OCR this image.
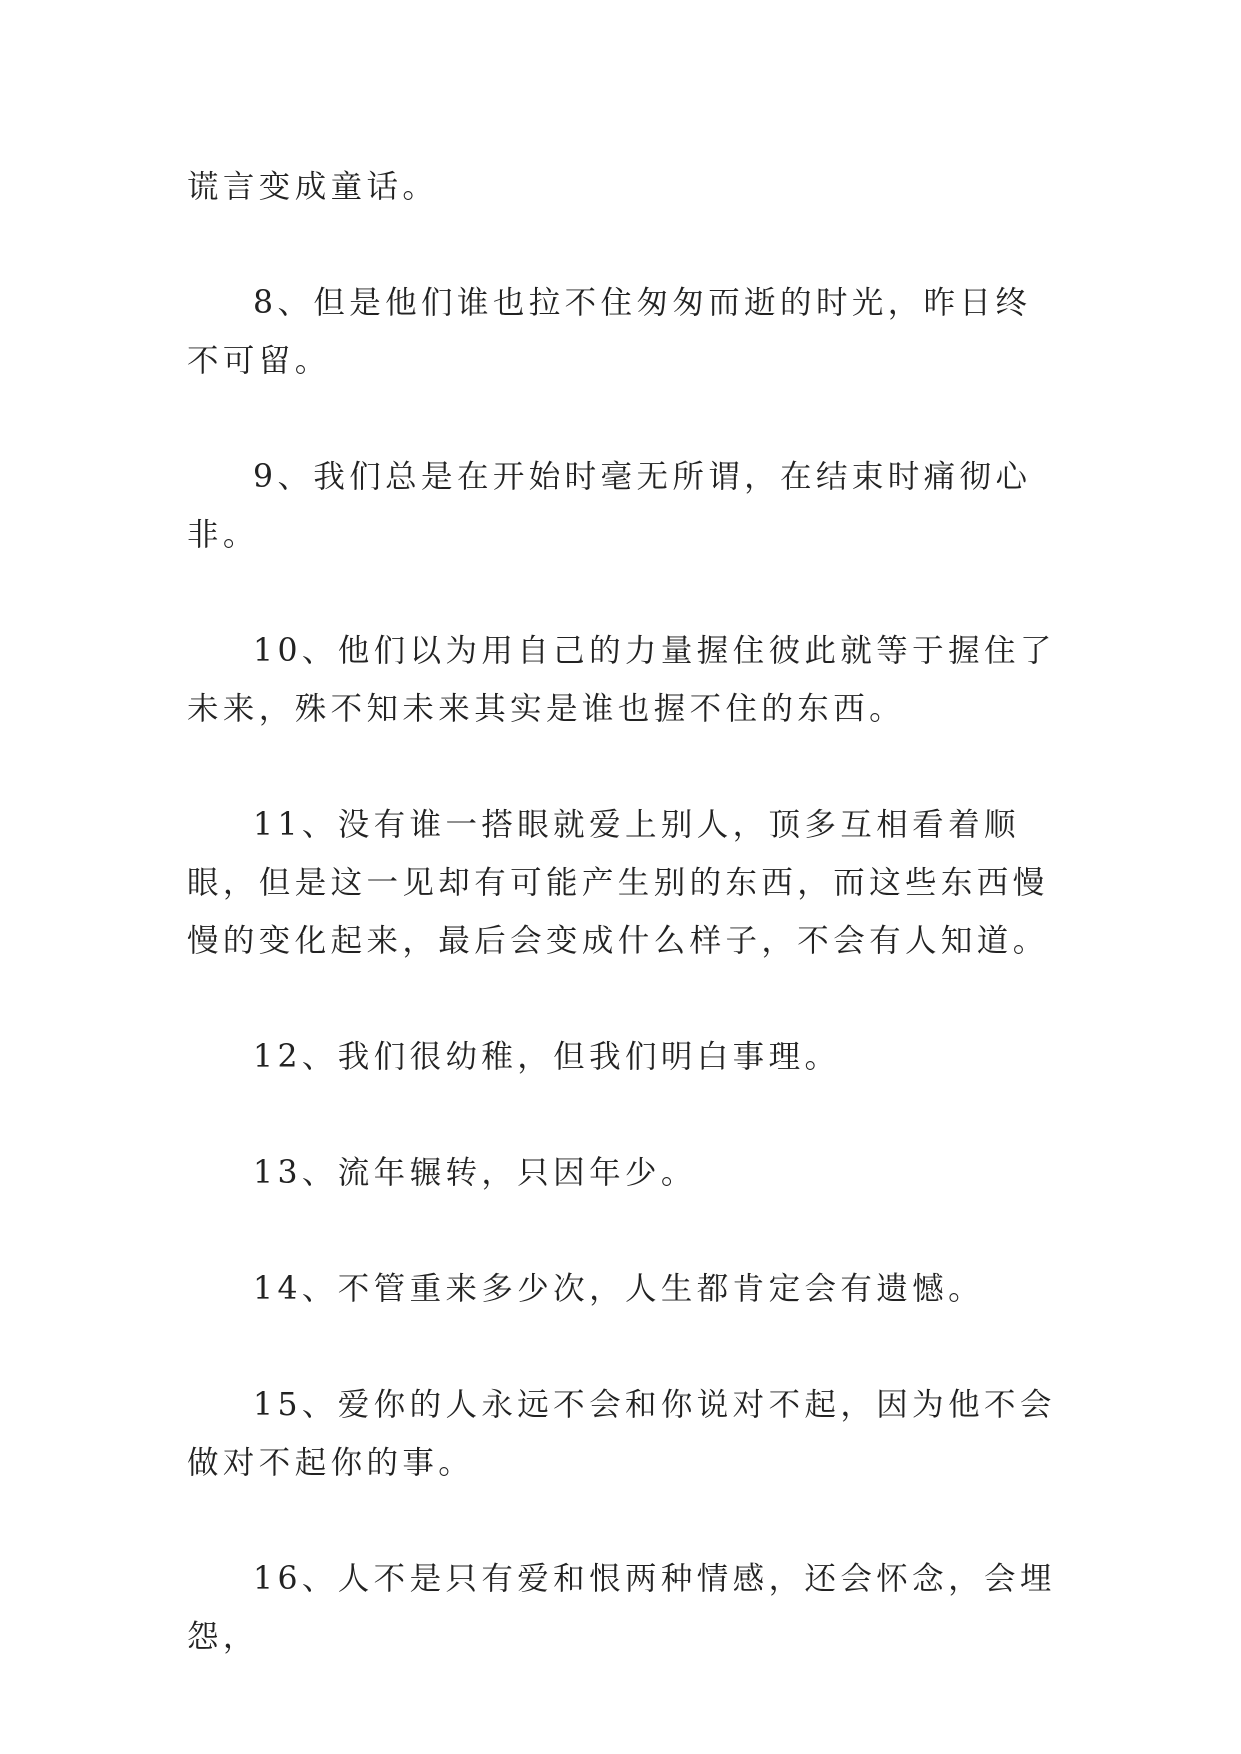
谎言变成童话。

8、但是他们谁也拉不住匆匆而逝的时光，昨日终不可留。

9、我们总是在开始时毫无所谓，在结束时痛彻心非。

10、他们以为用自己的力量握住彼此就等于握住了未来，殊不知未来其实是谁也握不住的东西。

11、没有谁一搭眼就爱上别人，顶多互相看着顺眼，但是这一见却有可能产生别的东西，而这些东西慢慢的变化起来，最后会变成什么样子，不会有人知道。

12、我们很幼稚，但我们明白事理。

13、流年辗转，只因年少。

14、不管重来多少次，人生都肯定会有遗憾。

15、爱你的人永远不会和你说对不起，因为他不会做对不起你的事。

16、人不是只有爱和恨两种情感，还会怀念，会埋怨，
